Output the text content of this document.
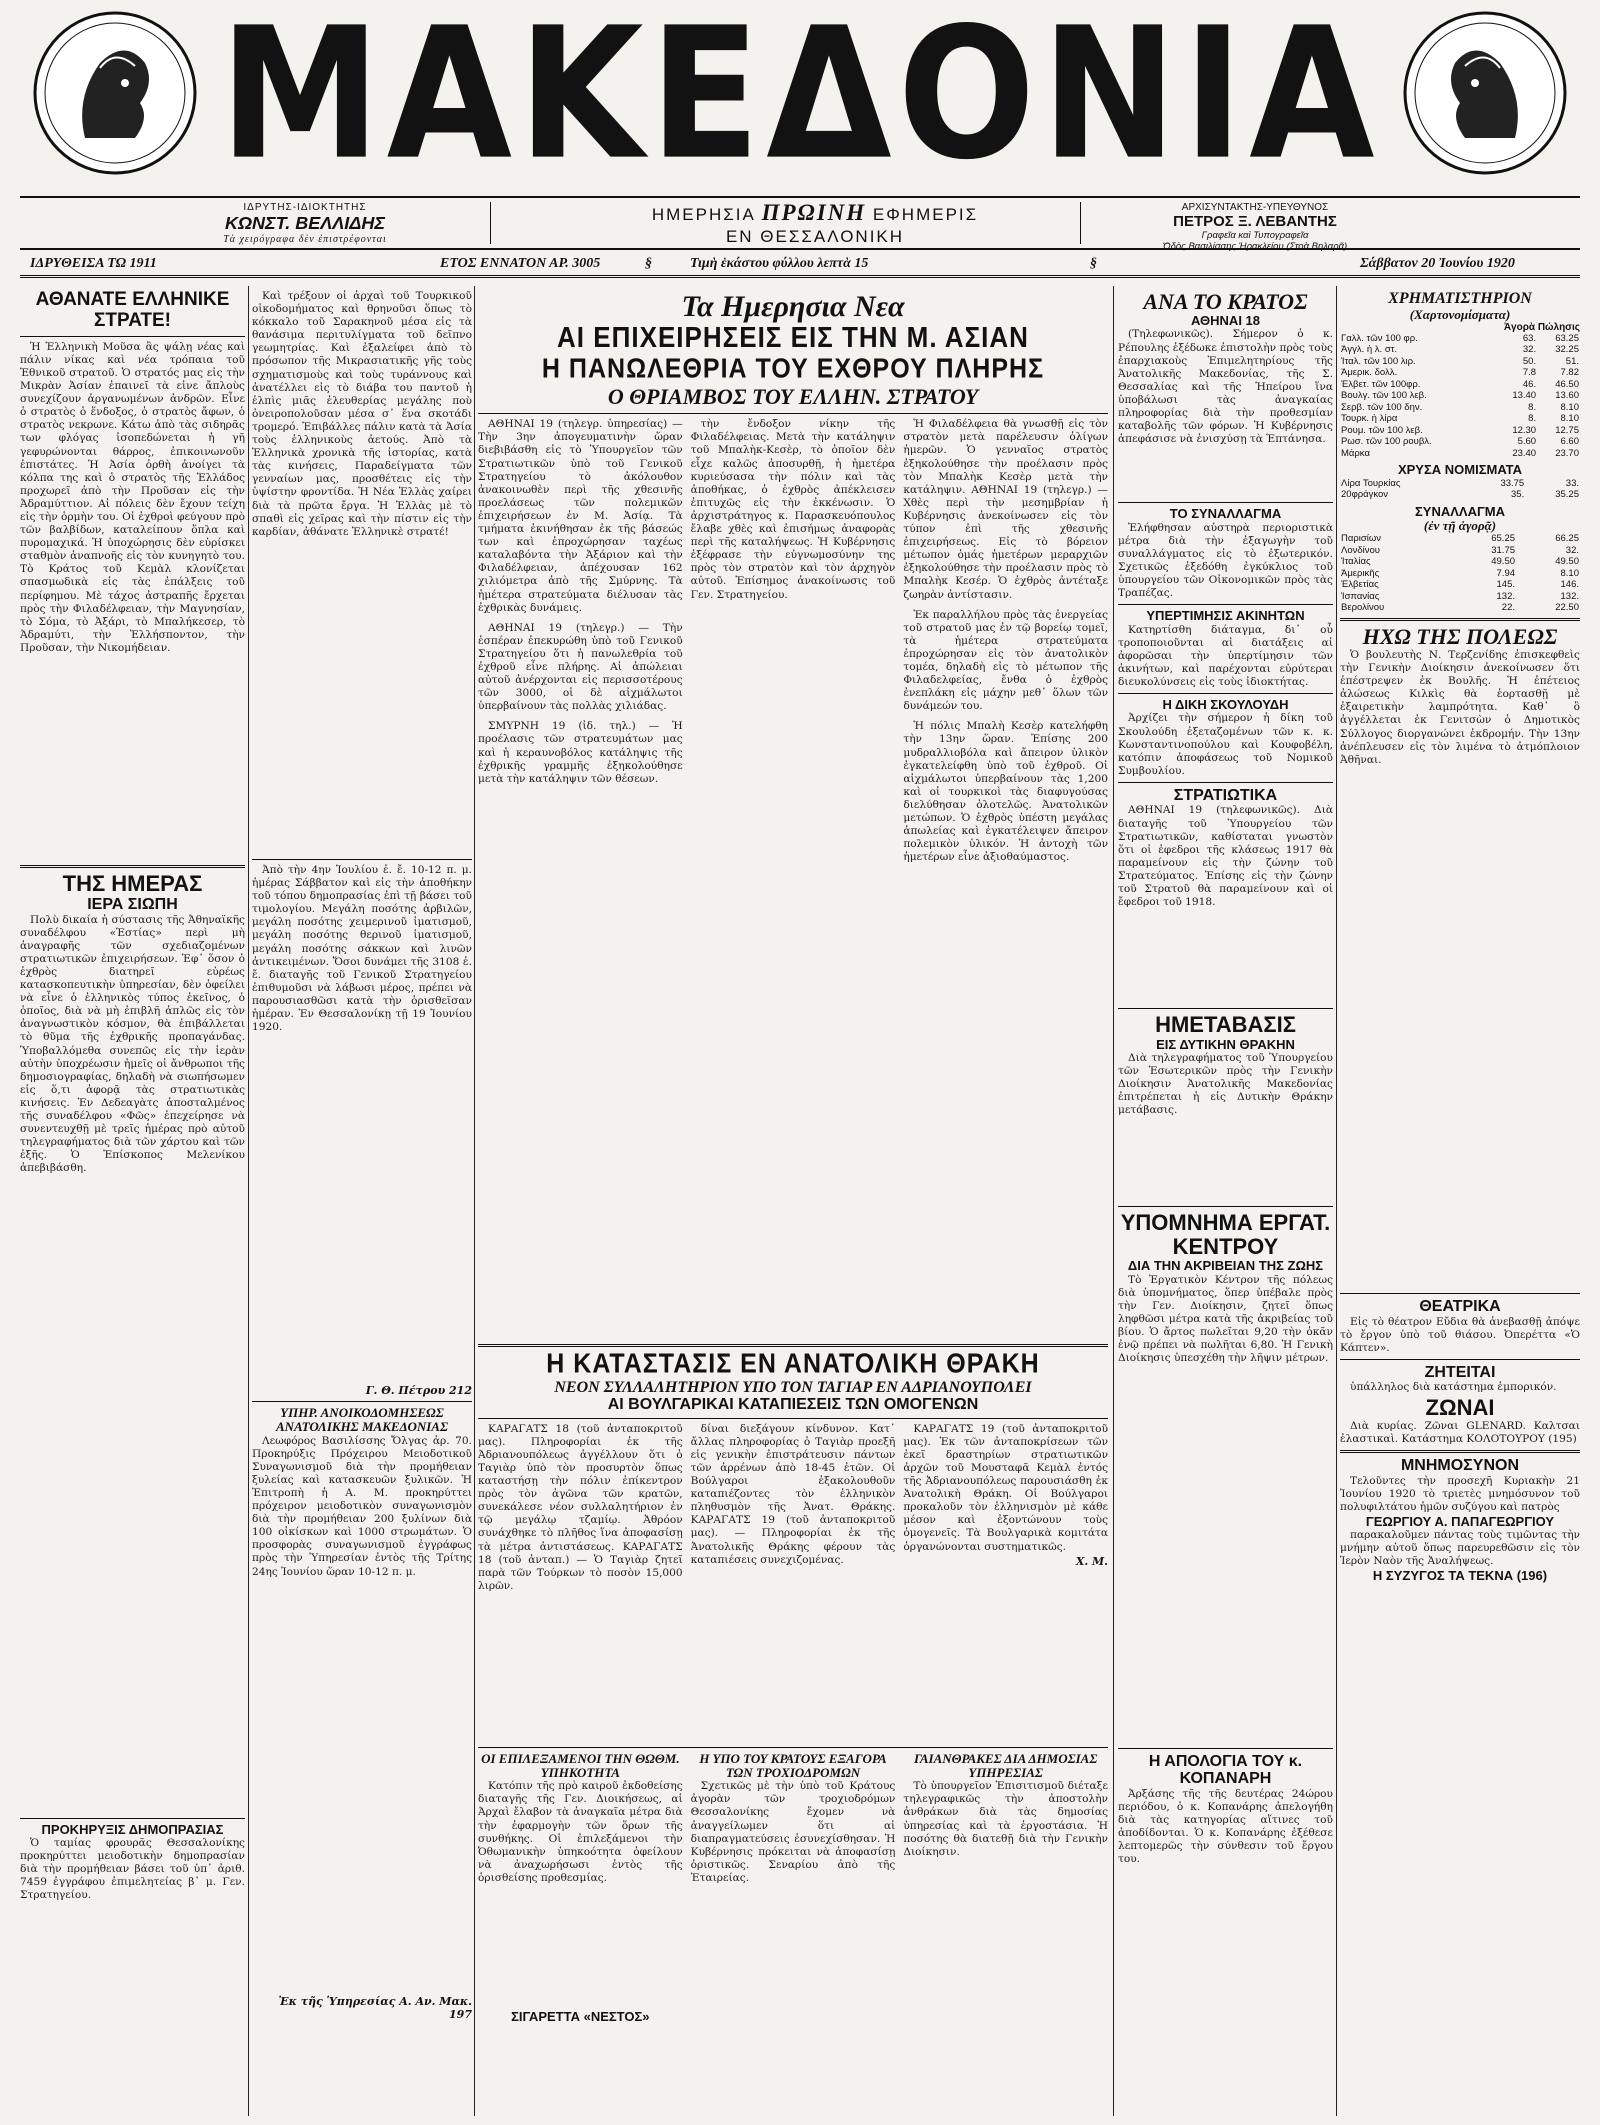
ΜΑΚΕΔΟΝΙΑ
ΙΔΡΥΤΗΣ-ΙΔΙΟΚΤΗΤΗΣ
ΚΩΝΣΤ. ΒΕΛΛΙΔΗΣ
Τὰ χειρόγραφα δὲν ἐπιστρέφονται
ΗΜΕΡΗΣΙΑ ΠΡΩΙΝΗ ΕΦΗΜΕΡΙΣ
ΕΝ ΘΕΣΣΑΛΟΝΙΚΗ
ΑΡΧΙΣΥΝΤΑΚΤΗΣ-ΥΠΕΥΘΥΝΟΣ
ΠΕΤΡΟΣ Ξ. ΛΕΒΑΝΤΗΣ
Γραφεῖα καὶ Τυπογραφεῖα
Ὁδὸς Βασιλίσσης Ἡρακλείου (Στοὰ Βηλαρᾶ)
ΙΔΡΥΘΕΙΣΑ ΤΩ 1911	ΕΤΟΣ ΕΝΝΑΤΟΝ ΑΡ. 3005	§	Τιμὴ ἑκάστου φύλλου λεπτὰ 15	§	Σάββατον 20 Ἰουνίου 1920
ΑΘΑΝΑΤΕ ΕΛΛΗΝΙΚΕ ΣΤΡΑΤΕ!

Ἡ Ἑλληνικὴ Μοῦσα ἂς ψάλῃ νέας καὶ πάλιν νίκας καὶ νέα τρόπαια τοῦ Ἐθνικοῦ στρατοῦ. Ὁ στρατός μας εἰς τὴν Μικρὰν Ἀσίαν ἐπαινεῖ τὰ εἰνε ἄπλοὺς συνεχίζουν ἀργανωμένων ἀνδρῶν. Εἶνε ὁ στρατὸς ὁ ἕνδοξος, ὁ στρατὸς ἄφων, ὁ στρατὸς νεκρωνε. Κάτω ἀπὸ τὰς σιδηρᾶς των φλόγας ἰσοπεδώνεται ἡ γῆ γεφυρώνονται θάρρος, ἐπικοινωνοῦν ἐπιστάτες. Ἡ Ἀσία ὀρθὴ ἀνοίγει τὰ κόλπα της καὶ ὁ στρατὸς τῆς Ἑλλάδος προχωρεῖ ἀπὸ τὴν Προῦσαν εἰς τὴν Ἀδραμύττιον. Αἱ πόλεις δὲν ἔχουν τείχη εἰς τὴν ὁρμὴν του. Οἱ ἐχθροὶ φεύγουν πρὸ τῶν βαλβίδων, καταλείπουν ὅπλα καὶ πυρομαχικά. Ἡ ὑποχώρησις δὲν εὑρίσκει σταθμὸν ἀναπνοῆς εἰς τὸν κυνηγητὸ του. Τὸ Κράτος τοῦ Κεμὰλ κλονίζεται σπασμωδικὰ εἰς τὰς ἐπάλξεις τοῦ περίφημου. Μὲ τάχος ἀστραπῆς ἔρχεται πρὸς τὴν Φιλαδέλφειαν, τὴν Μαγνησίαν, τὸ Σόμα, τὸ Ἀξάρι, τὸ Μπαλήκεσερ, τὸ Ἀδραμύτι, τὴν Ἑλλήσποντον, τὴν Προῦσαν, τὴν Νικομήδειαν.

ΤΗΣ ΗΜΕΡΑΣ
ΙΕΡΑ ΣΙΩΠΗ

Πολὺ δικαία ἡ σύστασις τῆς Ἀθηναϊκῆς συναδέλφου «Ἑστίας» περὶ μὴ ἀναγραφῆς τῶν σχεδιαζομένων στρατιωτικῶν ἐπιχειρήσεων. Ἐφ᾽ ὅσον ὁ ἐχθρὸς διατηρεῖ εὐρέως κατασκοπευτικὴν ὑπηρεσίαν, δὲν ὀφείλει νὰ εἶνε ὁ ἑλληνικὸς τύπος ἐκεῖνος, ὁ ὁποῖος, διὰ νὰ μὴ ἐπιβλῆ ἀπλῶς εἰς τὸν ἀναγνωστικὸν κόσμον, θὰ ἐπιβάλλεται τὸ θῦμα τῆς ἐχθρικῆς προπαγάνδας. Ὑποβαλλόμεθα συνεπῶς εἰς τὴν ἱερὰν αὐτὴν ὑποχρέωσιν ἡμεῖς οἱ ἄνθρωποι τῆς δημοσιογραφίας, δηλαδὴ νὰ σιωπήσωμεν εἰς ὅ,τι ἀφορᾷ τὰς στρατιωτικὰς κινήσεις. Ἐν Δεδεαγὰτς ἀποσταλμένος τῆς συναδέλφου «Φῶς» ἐπεχείρησε νὰ συνεντευχθῇ μὲ τρεῖς ἡμέρας πρὸ αὐτοῦ τηλεγραφήματος διὰ τῶν χάρτου καὶ τῶν ἐξῆς. Ὁ Ἐπίσκοπος Μελενίκου ἀπεβιβάσθη.

ΠΡΟΚΗΡΥΞΙΣ ΔΗΜΟΠΡΑΣΙΑΣ

Ὁ ταμίας φρουρᾶς Θεσσαλονίκης προκηρύττει μειοδοτικὴν δημοπρασίαν διὰ τὴν προμήθειαν βάσει τοῦ ὑπ᾽ ἀριθ. 7459 ἐγγράφου ἐπιμελητείας β᾽ μ. Γεν. Στρατηγείου.

Καὶ τρέξουν οἱ ἀρχαὶ τοῦ Τουρκικοῦ οἰκοδομήματος καὶ θρηνοῦσι ὅπως τὸ κόκκαλο τοῦ Σαρακηνοῦ μέσα εἰς τὰ θανάσιμα περιτυλίγματα τοῦ δεῖπνο γεωμητρίας. Καὶ ἐξαλείφει ἀπὸ τὸ πρόσωπον τῆς Μικρασιατικῆς γῆς τοὺς σχηματισμοὺς καὶ τοὺς τυράννους καὶ ἀνατέλλει εἰς τὸ διάβα του παντοῦ ἡ ἐλπὶς μιᾶς ἐλευθερίας μεγάλης ποὺ ὀνειροπολοῦσαν μέσα σ᾽ ἕνα σκοτάδι τρομερό. Ἐπιβάλλες πάλιν κατὰ τὰ Ἀσία τοὺς ἑλληνικοὺς ἀετούς. Ἀπὸ τὰ Ἑλληνικὰ χρονικὰ τῆς ἱστορίας, κατὰ τὰς κινήσεις, Παραδείγματα τῶν γενναίων μας, προσθέτεις εἰς τὴν ὑψίστην φροντίδα. Ἡ Νέα Ἑλλὰς χαίρει διὰ τὰ πρῶτα ἔργα. Ἡ Ἑλλὰς μὲ τὸ σπαθὶ εἰς χεῖρας καὶ τὴν πίστιν εἰς τὴν καρδίαν, ἀθάνατε Ἑλληνικὲ στρατέ!

Ἀπὸ τὴν 4ην Ἰουλίου ἐ. ἔ. 10-12 π. μ. ἡμέρας Σάββατον καὶ εἰς τὴν ἀποθήκην τοῦ τόπου δημοπρασίας ἐπὶ τῇ βάσει τοῦ τιμολογίου. Μεγάλη ποσότης ἀρβιλῶν, μεγάλη ποσότης χειμερινοῦ ἱματισμοῦ, μεγάλη ποσότης θερινοῦ ἱματισμοῦ, μεγάλη ποσότης σάκκων καὶ λινῶν ἀντικειμένων. Ὅσοι δυνάμει τῆς 3108 ἐ. ἔ. διαταγῆς τοῦ Γενικοῦ Στρατηγείου ἐπιθυμοῦσι νὰ λάβωσι μέρος, πρέπει νὰ παρουσιασθῶσι κατὰ τὴν ὁρισθεῖσαν ἡμέραν. Ἐν Θεσσαλονίκῃ τῇ 19 Ἰουνίου 1920.

Γ. Θ. Πέτρου 212
ΥΠΗΡ. ΑΝΟΙΚΟΔΟΜΗΣΕΩΣ ΑΝΑΤΟΛΙΚΗΣ ΜΑΚΕΔΟΝΙΑΣ

Λεωφόρος Βασιλίσσης Ὄλγας ἀρ. 70. Προκηρύξις Πρόχειρου Μειοδοτικοῦ Συναγωνισμοῦ διὰ τὴν προμήθειαν ξυλείας καὶ κατασκευῶν ξυλικῶν. Ἡ Ἐπιτροπὴ ἡ Α. Μ. προκηρύττει πρόχειρον μειοδοτικὸν συναγωνισμὸν διὰ τὴν προμήθειαν 200 ξυλίνων διὰ 100 οἰκίσκων καὶ 1000 στρωμάτων. Ὁ προσφορὰς συναγωνισμοῦ ἐγγράφως πρὸς τὴν Ὑπηρεσίαν ἐντὸς τῆς Τρίτης 24ης Ἰουνίου ὥραν 10-12 π. μ.

Ἐκ τῆς Ὑπηρεσίας Α. Αν. Μακ. 197
Τα Ημερησια Νεα
ΑΙ ΕΠΙΧΕΙΡΗΣΕΙΣ ΕΙΣ ΤΗΝ Μ. ΑΣΙΑΝ
Η ΠΑΝΩΛΕΘΡΙΑ ΤΟΥ ΕΧΘΡΟΥ ΠΛΗΡΗΣ
Ο ΘΡΙΑΜΒΟΣ ΤΟΥ ΕΛΛΗΝ. ΣΤΡΑΤΟΥ

ΑΘΗΝΑΙ 19 (τηλεγρ. ὑπηρεσίας) — Τὴν 3ην ἀπογευματινὴν ὥραν διεβιβάσθη εἰς τὸ Ὑπουργεῖον τῶν Στρατιωτικῶν ὑπὸ τοῦ Γενικοῦ Στρατηγείου τὸ ἀκόλουθον ἀνακοινωθὲν περὶ τῆς χθεσινῆς προελάσεως τῶν πολεμικῶν ἐπιχειρήσεων ἐν Μ. Ἀσίᾳ. Τὰ τμήματα ἐκινήθησαν ἐκ τῆς βάσεώς των καὶ ἐπροχώρησαν ταχέως καταλαβόντα τὴν Ἀξάριον καὶ τὴν Φιλαδέλφειαν, ἀπέχουσαν 162 χιλιόμετρα ἀπὸ τῆς Σμύρνης. Τὰ ἡμέτερα στρατεύματα διέλυσαν τὰς ἐχθρικὰς δυνάμεις.

ΑΘΗΝΑΙ 19 (τηλεγρ.) — Τὴν ἑσπέραν ἐπεκυρώθη ὑπὸ τοῦ Γενικοῦ Στρατηγείου ὅτι ἡ πανωλεθρία τοῦ ἐχθροῦ εἶνε πλήρης. Αἱ ἀπώλειαι αὐτοῦ ἀνέρχονται εἰς περισσοτέρους τῶν 3000, οἱ δὲ αἰχμάλωτοι ὑπερβαίνουν τὰς πολλὰς χιλιάδας.

ΣΜΥΡΝΗ 19 (ἰδ. τηλ.) — Ἡ προέλασις τῶν στρατευμάτων μας καὶ ἡ κεραυνοβόλος κατάληψις τῆς ἐχθρικῆς γραμμῆς ἐξηκολούθησε μετὰ τὴν κατάληψιν τῶν θέσεων.

τὴν ἔνδοξον νίκην τῆς Φιλαδέλφειας. Μετὰ τὴν κατάληψιν τοῦ Μπαλὴκ-Κεσὲρ, τὸ ὁποῖον δὲν εἶχε καλῶς ἀποσυρθῇ, ἡ ἡμετέρα κυριεύσασα τὴν πόλιν καὶ τὰς ἀποθήκας, ὁ ἐχθρὸς ἀπέκλεισεν ἐπιτυχῶς εἰς τὴν ἐκκένωσιν. Ὁ ἀρχιστράτηγος κ. Παρασκευόπουλος ἔλαβε χθὲς καὶ ἐπισήμως ἀναφορὰς περὶ τῆς καταλήψεως. Ἡ Κυβέρνησις ἐξέφρασε τὴν εὐγνωμοσύνην της πρὸς τὸν στρατὸν καὶ τὸν ἀρχηγὸν αὐτοῦ. Ἐπίσημος ἀνακοίνωσις τοῦ Γεν. Στρατηγείου.

Ἡ Φιλαδέλφεια θὰ γνωσθῇ εἰς τὸν στρατὸν μετὰ παρέλευσιν ὀλίγων ἡμερῶν. Ὁ γενναῖος στρατὸς ἐξηκολούθησε τὴν προέλασιν πρὸς τὸν Μπαλὴκ Κεσὲρ μετὰ τὴν κατάληψιν. ΑΘΗΝΑΙ 19 (τηλεγρ.) — Χθὲς περὶ τὴν μεσημβρίαν ἡ Κυβέρνησις ἀνεκοίνωσεν εἰς τὸν τύπον ἐπὶ τῆς χθεσινῆς ἐπιχειρήσεως. Εἰς τὸ βόρειον μέτωπον ὁμάς ἡμετέρων μεραρχιῶν ἐξηκολούθησε τὴν προέλασιν πρὸς τὸ Μπαλὴκ Κεσέρ. Ὁ ἐχθρὸς ἀντέταξε ζωηρὰν ἀντίστασιν.

Ἐκ παραλλήλου πρὸς τὰς ἐνεργείας τοῦ στρατοῦ μας ἐν τῷ βορείῳ τομεῖ, τὰ ἡμέτερα στρατεύματα ἐπροχώρησαν εἰς τὸν ἀνατολικὸν τομέα, δηλαδὴ εἰς τὸ μέτωπον τῆς Φιλαδελφείας, ἔνθα ὁ ἐχθρὸς ἐνεπλάκη εἰς μάχην μεθ᾽ ὅλων τῶν δυνάμεών του.

Ἡ πόλις Μπαλὴ Κεσὲρ κατελήφθη τὴν 13ην ὥραν. Ἐπίσης 200 μυδραλλιοβόλα καὶ ἄπειρον ὑλικὸν ἐγκατελείφθη ὑπὸ τοῦ ἐχθροῦ. Οἱ αἰχμάλωτοι ὑπερβαίνουν τὰς 1,200 καὶ οἱ τουρκικοὶ τὰς διαφυγούσας διελύθησαν ὁλοτελῶς. Ἀνατολικῶν μετώπων. Ὁ ἐχθρὸς ὑπέστη μεγάλας ἀπωλείας καὶ ἐγκατέλειψεν ἄπειρον πολεμικὸν ὑλικόν. Ἡ ἀντοχὴ τῶν ἡμετέρων εἶνε ἀξιοθαύμαστος.

Η ΚΑΤΑΣΤΑΣΙΣ ΕΝ ΑΝΑΤΟΛΙΚΗ ΘΡΑΚΗ
ΝΕΟΝ ΣΥΛΛΑΛΗΤΗΡΙΟΝ ΥΠΟ ΤΟΝ ΤΑΓΙΑΡ ΕΝ ΑΔΡΙΑΝΟΥΠΟΛΕΙ
ΑΙ ΒΟΥΛΓΑΡΙΚΑΙ ΚΑΤΑΠΙΕΣΕΙΣ ΤΩΝ ΟΜΟΓΕΝΩΝ

ΚΑΡΑΓΑΤΣ 18 (τοῦ ἀνταποκριτοῦ μας). Πληροφορίαι ἐκ τῆς Ἀδριανουπόλεως ἀγγέλλουν ὅτι ὁ Ταγιὰρ ὑπὸ τὸν προσυρτὸν ὅπως καταστήσῃ τὴν πόλιν ἐπίκεντρον πρὸς τὸν ἀγῶνα τῶν κρατῶν, συνεκάλεσε νέον συλλαλητήριον ἐν τῷ μεγάλῳ τζαμίῳ. Ἀθρόον συνάχθηκε τὸ πλῆθος ἵνα ἀποφασίσῃ τὰ μέτρα ἀντιστάσεως. ΚΑΡΑΓΑΤΣ 18 (τοῦ ἀνταπ.) — Ὁ Ταγιὰρ ζητεῖ παρὰ τῶν Τούρκων τὸ ποσὸν 15,000 λιρῶν.

δίναι διεξάγουν κίνδυνον. Κατ᾽ ἄλλας πληροφορίας ὁ Ταγιὰρ προεξῆ εἰς γενικὴν ἐπιστράτευσιν πάντων τῶν ἀρρένων ἀπὸ 18-45 ἐτῶν. Οἱ Βούλγαροι ἐξακολουθοῦν καταπιέζοντες τὸν ἑλληνικὸν πληθυσμὸν τῆς Ἀνατ. Θράκης. ΚΑΡΑΓΑΤΣ 19 (τοῦ ἀνταποκριτοῦ μας). — Πληροφορίαι ἐκ τῆς Ἀνατολικῆς Θράκης φέρουν τὰς καταπιέσεις συνεχιζομένας.

ΚΑΡΑΓΑΤΣ 19 (τοῦ ἀνταποκριτοῦ μας). Ἐκ τῶν ἀνταποκρίσεων τῶν ἐκεῖ δραστηρίων στρατιωτικῶν ἀρχῶν τοῦ Μουσταφᾶ Κεμὰλ ἐντός τῆς Ἀδριανουπόλεως παρουσιάσθη ἐκ Ἀνατολικὴ Θράκη. Οἱ Βούλγαροι προκαλοῦν τὸν ἑλληνισμὸν μὲ κάθε μέσον καὶ ἐξοντώνουν τοὺς ὁμογενεῖς. Τὰ Βουλγαρικὰ κομιτάτα ὀργανώνονται συστηματικῶς.

Χ. Μ.
ΟΙ ΕΠΙΛΕΞΑΜΕΝΟΙ ΤΗΝ ΘΩΘΜ. ΥΠΗΚΟΤΗΤΑ

Κατόπιν τῆς πρὸ καιροῦ ἐκδοθείσης διαταγῆς τῆς Γεν. Διοικήσεως, αἱ Ἀρχαὶ ἔλαβον τὰ ἀναγκαῖα μέτρα διὰ τὴν ἐφαρμογὴν τῶν ὅρων τῆς συνθήκης. Οἱ ἐπιλεξάμενοι τὴν Ὀθωμανικὴν ὑπηκοότητα ὀφείλουν νὰ ἀναχωρήσωσι ἐντὸς τῆς ὁρισθείσης προθεσμίας.

ΣΙΓΑΡΕΤΤΑ «ΝΕΣΤΟΣ»
Η ΥΠΟ ΤΟΥ ΚΡΑΤΟΥΣ ΕΞΑΓΟΡΑ ΤΩΝ ΤΡΟΧΙΟΔΡΟΜΩΝ

Σχετικῶς μὲ τὴν ὑπὸ τοῦ Κράτους ἀγορὰν τῶν τροχιοδρόμων Θεσσαλονίκης ἔχομεν νὰ ἀναγγείλωμεν ὅτι αἱ διαπραγματεύσεις ἐσυνεχίσθησαν. Ἡ Κυβέρνησις πρόκειται νὰ ἀποφασίσῃ ὁριστικῶς. Σεναρίου ἀπὸ τῆς Ἑταιρείας.

ΓΑΙΑΝΘΡΑΚΕΣ ΔΙΑ ΔΗΜΟΣΙΑΣ ΥΠΗΡΕΣΙΑΣ

Τὸ ὑπουργεῖον Ἐπισιτισμοῦ διέταξε τηλεγραφικῶς τὴν ἀποστολὴν ἀνθράκων διὰ τὰς δημοσίας ὑπηρεσίας καὶ τὰ ἐργοστάσια. Ἡ ποσότης θὰ διατεθῇ διὰ τὴν Γενικὴν Διοίκησιν.

ΑΝΑ ΤΟ ΚΡΑΤΟΣ
ΑΘΗΝΑΙ 18

(Τηλεφωνικῶς). Σήμερον ὁ κ. Ρέπουλης ἐξέδωκε ἐπιστολὴν πρὸς τοὺς ἐπαρχιακοὺς Ἐπιμελητηρίους τῆς Ἀνατολικῆς Μακεδονίας, τῆς Σ. Θεσσαλίας καὶ τῆς Ἠπείρου ἵνα ὑποβάλωσι τὰς ἀναγκαίας πληροφορίας διὰ τὴν προθεσμίαν καταβολῆς τῶν φόρων. Ἡ Κυβέρνησις ἀπεφάσισε νὰ ἐνισχύσῃ τὰ Ἑπτάνησα.

ΤΟ ΣΥΝΑΛΛΑΓΜΑ

Ἐλήφθησαν αὐστηρὰ περιοριστικὰ μέτρα διὰ τὴν ἐξαγωγὴν τοῦ συναλλάγματος εἰς τὸ ἐξωτερικόν. Σχετικῶς ἐξεδόθη ἐγκύκλιος τοῦ ὑπουργείου τῶν Οἰκονομικῶν πρὸς τὰς Τραπέζας.

ΥΠΕΡΤΙΜΗΣΙΣ ΑΚΙΝΗΤΩΝ

Κατηρτίσθη διάταγμα, δι᾽ οὗ τροποποιοῦνται αἱ διατάξεις αἱ ἀφορῶσαι τὴν ὑπερτίμησιν τῶν ἀκινήτων, καὶ παρέχονται εὐρύτεραι διευκολύνσεις εἰς τοὺς ἰδιοκτήτας.

Η ΔΙΚΗ ΣΚΟΥΛΟΥΔΗ

Ἀρχίζει τὴν σήμερον ἡ δίκη τοῦ Σκουλούδη ἐξεταζομένων τῶν κ. κ. Κωνσταντινοπούλου καὶ Κουφοβέλη, κατόπιν ἀποφάσεως τοῦ Νομικοῦ Συμβουλίου.

ΣΤΡΑΤΙΩΤΙΚΑ

ΑΘΗΝΑΙ 19 (τηλεφωνικῶς). Διὰ διαταγῆς τοῦ Ὑπουργείου τῶν Στρατιωτικῶν, καθίσταται γνωστὸν ὅτι οἱ ἐφεδροι τῆς κλάσεως 1917 θὰ παραμείνουν εἰς τὴν ζώνην τοῦ Στρατεύματος. Ἐπίσης εἰς τὴν ζώνην τοῦ Στρατοῦ θὰ παραμείνουν καὶ οἱ ἔφεδροι τοῦ 1918.

ΗΜΕΤΑΒΑΣΙΣ
ΕΙΣ ΔΥΤΙΚΗΝ ΘΡΑΚΗΝ

Διὰ τηλεγραφήματος τοῦ Ὑπουργείου τῶν Ἐσωτερικῶν πρὸς τὴν Γενικὴν Διοίκησιν Ἀνατολικῆς Μακεδονίας ἐπιτρέπεται ἡ εἰς Δυτικὴν Θράκην μετάβασις.

ΥΠΟΜΝΗΜΑ ΕΡΓΑΤ. ΚΕΝΤΡΟΥ
ΔΙΑ ΤΗΝ ΑΚΡΙΒΕΙΑΝ ΤΗΣ ΖΩΗΣ

Τὸ Ἐργατικὸν Κέντρον τῆς πόλεως διὰ ὑπομνήματος, ὅπερ ὑπέβαλε πρὸς τὴν Γεν. Διοίκησιν, ζητεῖ ὅπως ληφθῶσι μέτρα κατὰ τῆς ἀκριβείας τοῦ βίου. Ὁ ἄρτος πωλεῖται 9,20 τὴν ὀκᾶν ἐνῷ πρέπει νὰ πωλῆται 6,80. Ἡ Γενικὴ Διοίκησις ὑπεσχέθη τὴν λῆψιν μέτρων.

Η ΑΠΟΛΟΓΙΑ ΤΟΥ κ. ΚΟΠΑΝΑΡΗ

Ἀρξάσης τῆς τῆς δευτέρας 24ώρου περιόδου, ὁ κ. Κοπανάρης ἀπελογήθη διὰ τὰς κατηγορίας αἵτινες τοῦ ἀποδίδονται. Ὁ κ. Κοπανάρης ἐξέθεσε λεπτομερῶς τὴν σύνθεσιν τοῦ ἔργου του.

ΧΡΗΜΑΤΙΣΤΗΡΙΟΝ
(Χαρτονομίσματα)
Ἀγορὰ Πώλησις
Γαλλ. τῶν 100 φρ.	63.	63.25
Ἀγγλ. ἡ λ. στ.	32.	32.25
Ἰταλ. τῶν 100 λιρ.	50.	51.
Ἀμερικ. δολλ.	7.8	7.82
Ἐλβετ. τῶν 100φρ.	46.	46.50
Βουλγ. τῶν 100 λεβ.	13.40	13.60
Σερβ. τῶν 100 δην.	8.	8.10
Τουρκ. ἡ λίρα	8.	8.10
Ρουμ. τῶν 100 λεβ.	12.30	12.75
Ρωσ. τῶν 100 ρουβλ.	5.60	6.60
Μάρκα	23.40	23.70
ΧΡΥΣΑ ΝΟΜΙΣΜΑΤΑ
Λίρα Τουρκίας	33.75	33.
20φράγκον	35.	35.25
ΣΥΝΑΛΛΑΓΜΑ
(ἐν τῇ ἀγορᾷ)
Παρισίων	65.25	66.25
Λονδίνου	31.75	32.
Ἰταλίας	49.50	49.50
Ἀμερικῆς	7.94	8.10
Ἑλβετίας	145.	146.
Ἰσπανίας	132.	132.
Βερολίνου	22.	22.50
ΗΧΩ ΤΗΣ ΠΟΛΕΩΣ

Ὁ βουλευτὴς Ν. Τερζενίδης ἐπισκεφθεὶς τὴν Γενικὴν Διοίκησιν ἀνεκοίνωσεν ὅτι ἐπέστρεψεν ἐκ Βουλῆς. Ἡ ἐπέτειος ἀλώσεως Κιλκὶς θὰ ἑορτασθῇ μὲ ἐξαιρετικὴν λαμπρότητα. Καθ᾽ ὃ ἀγγέλλεται ἐκ Γενιτσὼν ὁ Δημοτικὸς Σύλλογος διοργανώνει ἐκδρομήν. Τὴν 13ην ἀνέπλευσεν εἰς τὸν λιμένα τὸ ἀτμόπλοιον Ἀθῆναι.

ΘΕΑΤΡΙΚΑ

Εἰς τὸ θέατρον Εὔδια θὰ ἀνεβασθῇ ἀπόψε τὸ ἔργον ὑπὸ τοῦ θιάσου. Ὀπερέττα «Ὁ Κάπτεν».

ΖΗΤΕΙΤΑΙ

ὑπάλληλος διὰ κατάστημα ἐμπορικόν.

ΖΩΝΑΙ

Διὰ κυρίας. Ζῶναι GLENARD. Καλτσαι ἐλαστικαὶ. Κατάστημα ΚΟΛΟΤΟΥΡΟΥ (195)

ΜΝΗΜΟΣΥΝΟΝ

Τελοῦντες τὴν προσεχῆ Κυριακὴν 21 Ἰουνίου 1920 τὸ τριετὲς μνημόσυνον τοῦ πολυφιλτάτου ἡμῶν συζύγου καὶ πατρὸς

ΓΕΩΡΓΙΟΥ Α. ΠΑΠΑΓΕΩΡΓΙΟΥ

παρακαλοῦμεν πάντας τοὺς τιμῶντας τὴν μνήμην αὐτοῦ ὅπως παρευρεθῶσιν εἰς τὸν Ἱερὸν Ναὸν τῆς Ἀναλήψεως.

Η ΣΥΖΥΓΟΣ ΤΑ ΤΕΚΝΑ (196)
